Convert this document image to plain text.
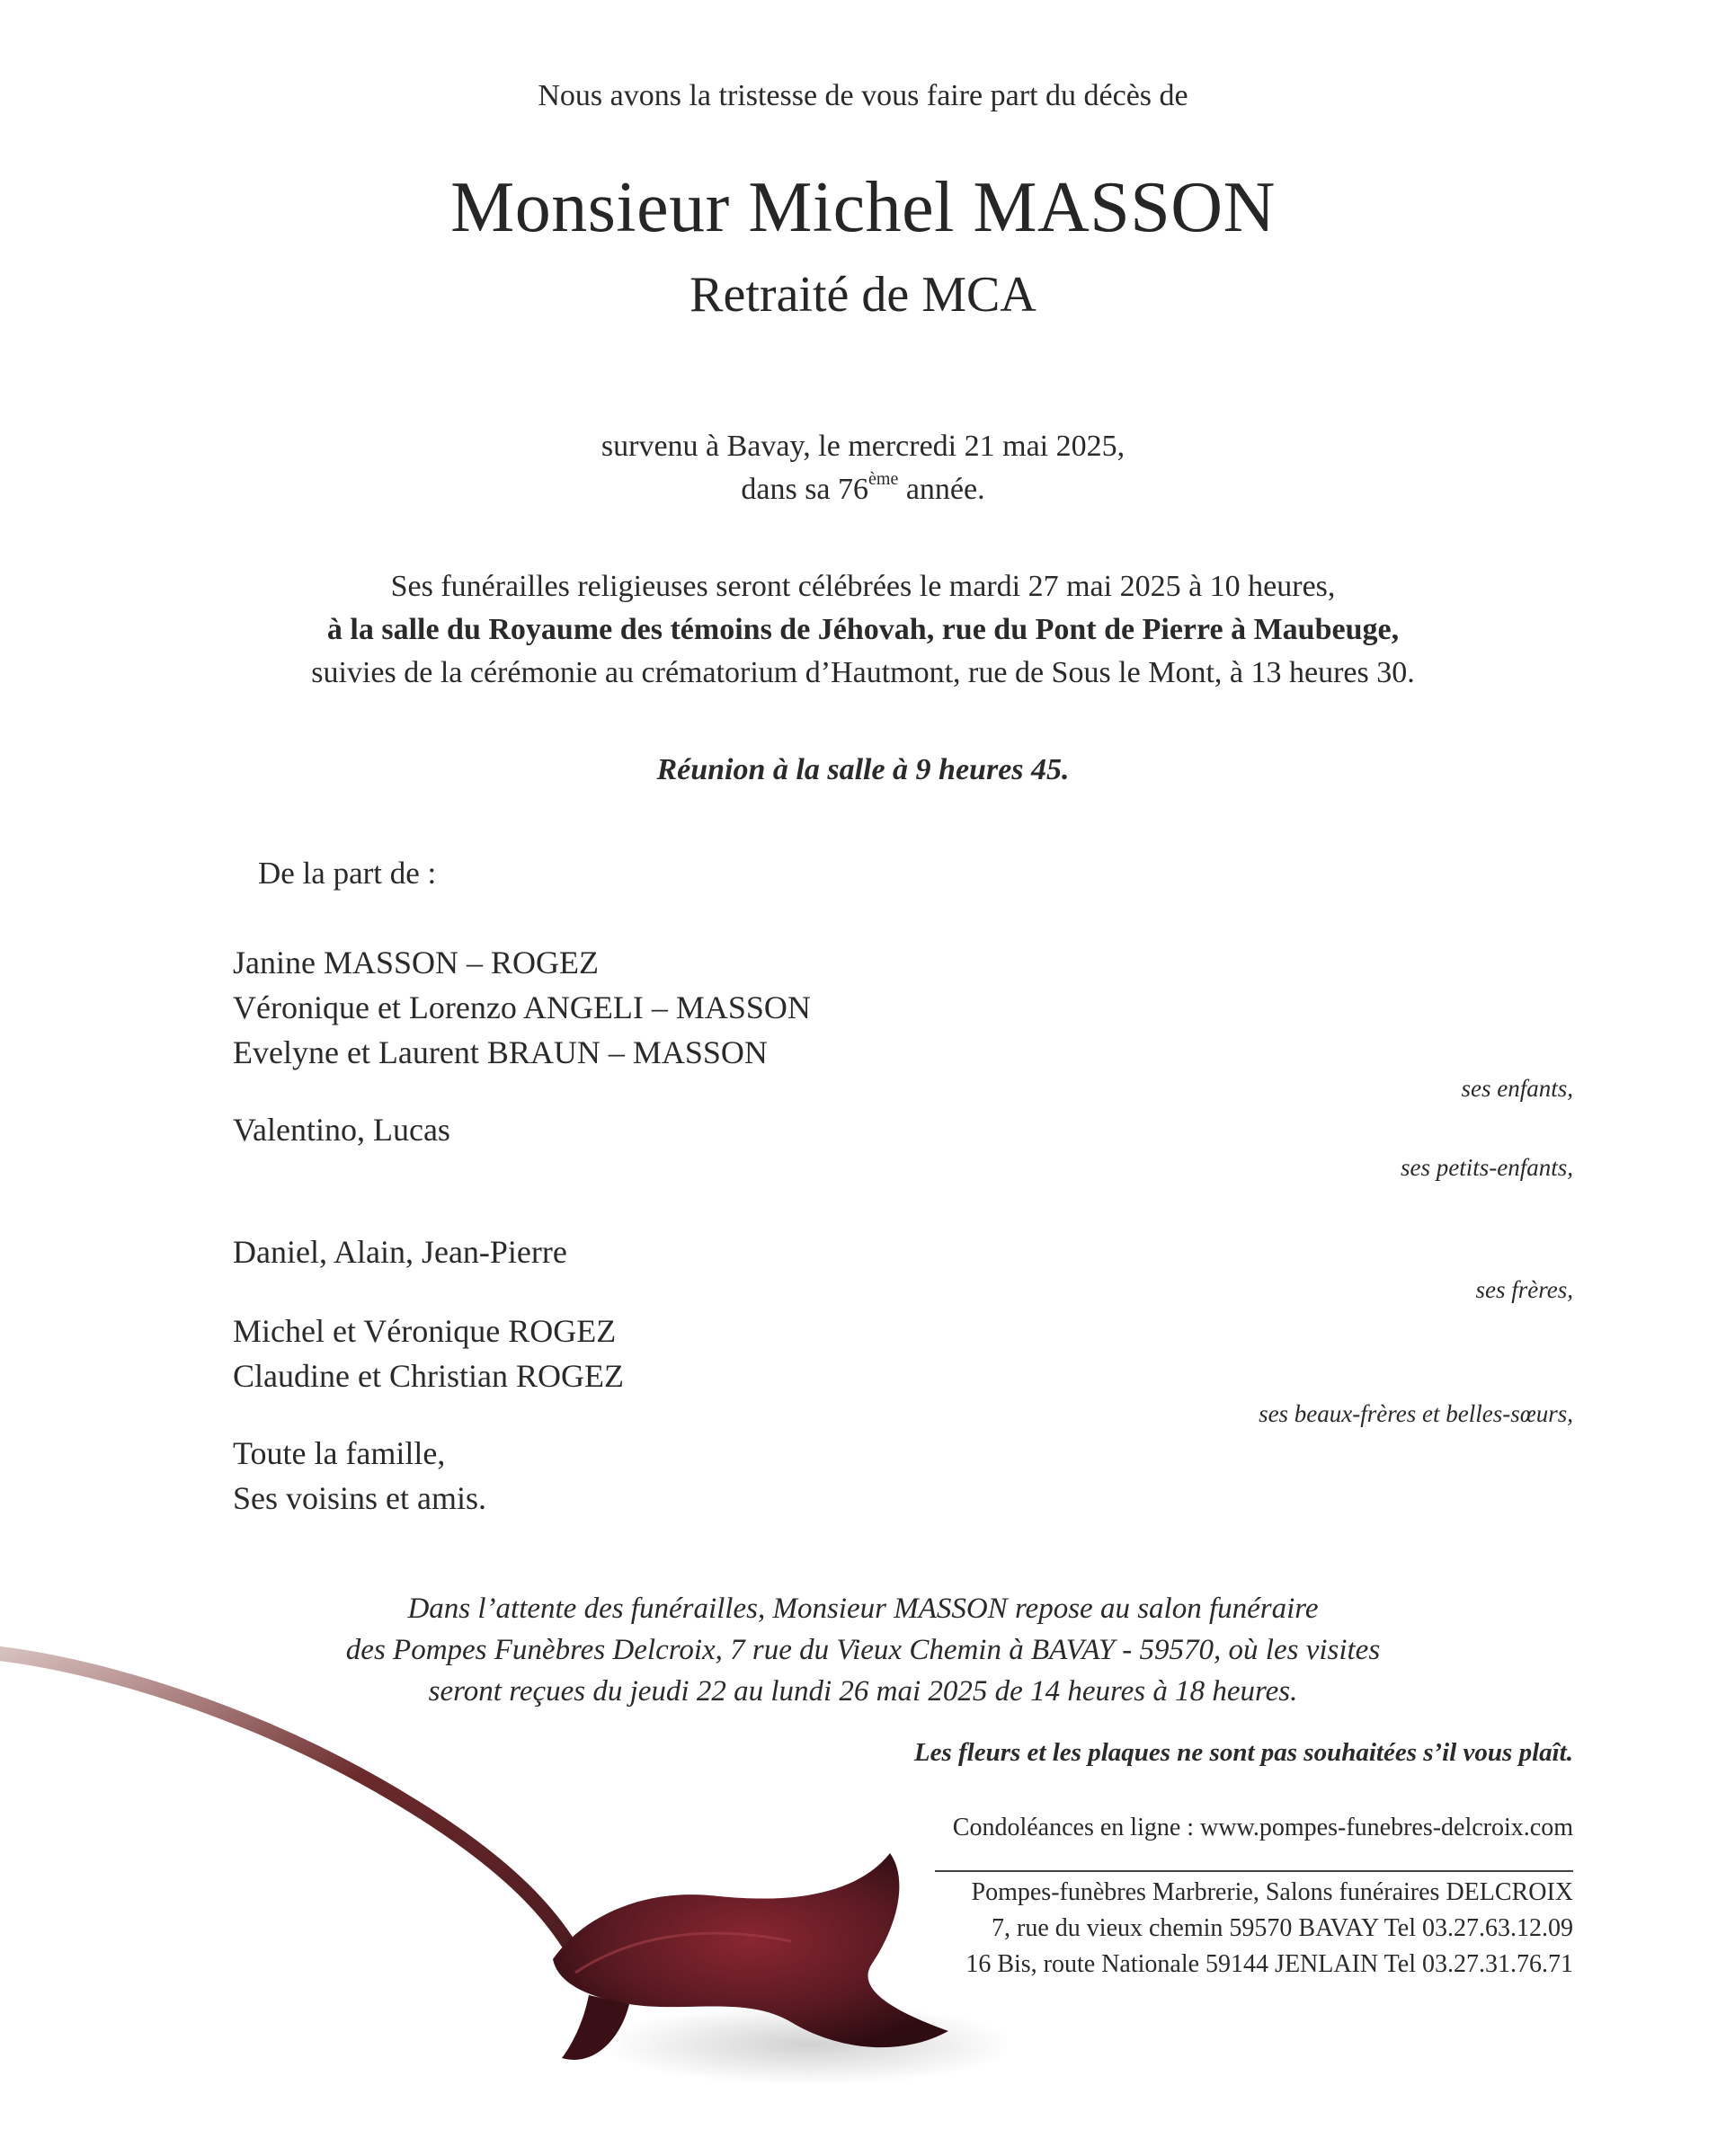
Nous avons la tristesse de vous faire part du décès de
Monsieur Michel MASSON
Retraité de MCA
survenu à Bavay, le mercredi 21 mai 2025,
dans sa 76ème année.
Ses funérailles religieuses seront célébrées le mardi 27 mai 2025 à 10 heures,
à la salle du Royaume des témoins de Jéhovah, rue du Pont de Pierre à Maubeuge,
suivies de la cérémonie au crématorium d’Hautmont, rue de Sous le Mont, à 13 heures 30.
Réunion à la salle à 9 heures 45.
De la part de :
Janine MASSON – ROGEZ
Véronique et Lorenzo ANGELI – MASSON
Evelyne et Laurent BRAUN – MASSON
ses enfants,
Valentino, Lucas
ses petits-enfants,
Daniel, Alain, Jean-Pierre
ses frères,
Michel et Véronique ROGEZ
Claudine et Christian ROGEZ
ses beaux-frères et belles-sœurs,
Toute la famille,
Ses voisins et amis.
Dans l’attente des funérailles, Monsieur MASSON repose au salon funéraire
des Pompes Funèbres Delcroix, 7 rue du Vieux Chemin à BAVAY - 59570, où les visites
seront reçues du jeudi 22 au lundi 26 mai 2025 de 14 heures à 18 heures.
Les fleurs et les plaques ne sont pas souhaitées s’il vous plaît.
Condoléances en ligne : www.pompes-funebres-delcroix.com
Pompes-funèbres Marbrerie, Salons funéraires DELCROIX
7, rue du vieux chemin 59570 BAVAY Tel 03.27.63.12.09
16 Bis, route Nationale 59144 JENLAIN Tel 03.27.31.76.71
